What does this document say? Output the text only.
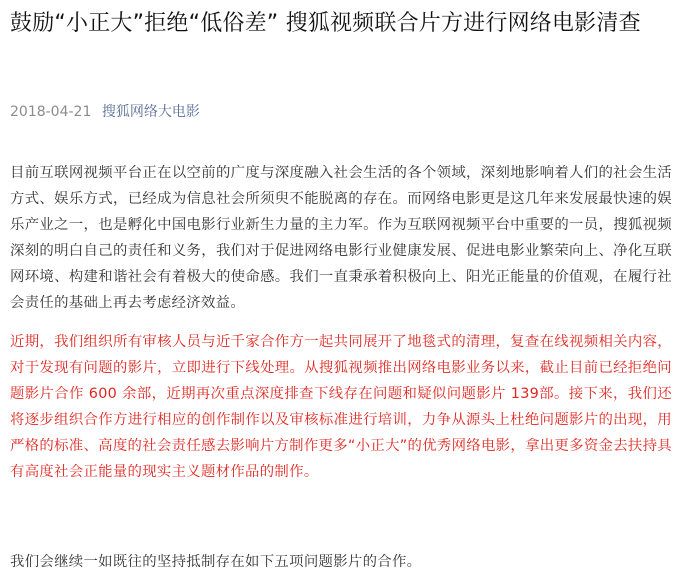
鼓励“小正大”拒绝“低俗差” 搜狐视频联合片方进行网络电影清查
2018-04-21 搜狐网络大电影

目前互联网视频平台正在以空前的广度与深度融入社会生活的各个领域，深刻地影响着人们的社会生活方式、娱乐方式，已经成为信息社会所须臾不能脱离的存在。而网络电影更是这几年来发展最快速的娱乐产业之一，也是孵化中国电影行业新生力量的主力军。作为互联网视频平台中重要的一员，搜狐视频深刻的明白自己的责任和义务，我们对于促进网络电影行业健康发展、促进电影业繁荣向上、净化互联网环境、构建和谐社会有着极大的使命感。我们一直秉承着积极向上、阳光正能量的价值观，在履行社会责任的基础上再去考虑经济效益。

近期，我们组织所有审核人员与近千家合作方一起共同展开了地毯式的清理，复查在线视频相关内容，对于发现有问题的影片，立即进行下线处理。从搜狐视频推出网络电影业务以来，截止目前已经拒绝问题影片合作 600 余部，近期再次重点深度排查下线存在问题和疑似问题影片 139部。接下来，我们还将逐步组织合作方进行相应的创作制作以及审核标准进行培训，力争从源头上杜绝问题影片的出现，用严格的标准、高度的社会责任感去影响片方制作更多“小正大”的优秀网络电影，拿出更多资金去扶持具有高度社会正能量的现实主义题材作品的制作。

我们会继续一如既往的坚持抵制存在如下五项问题影片的合作。
